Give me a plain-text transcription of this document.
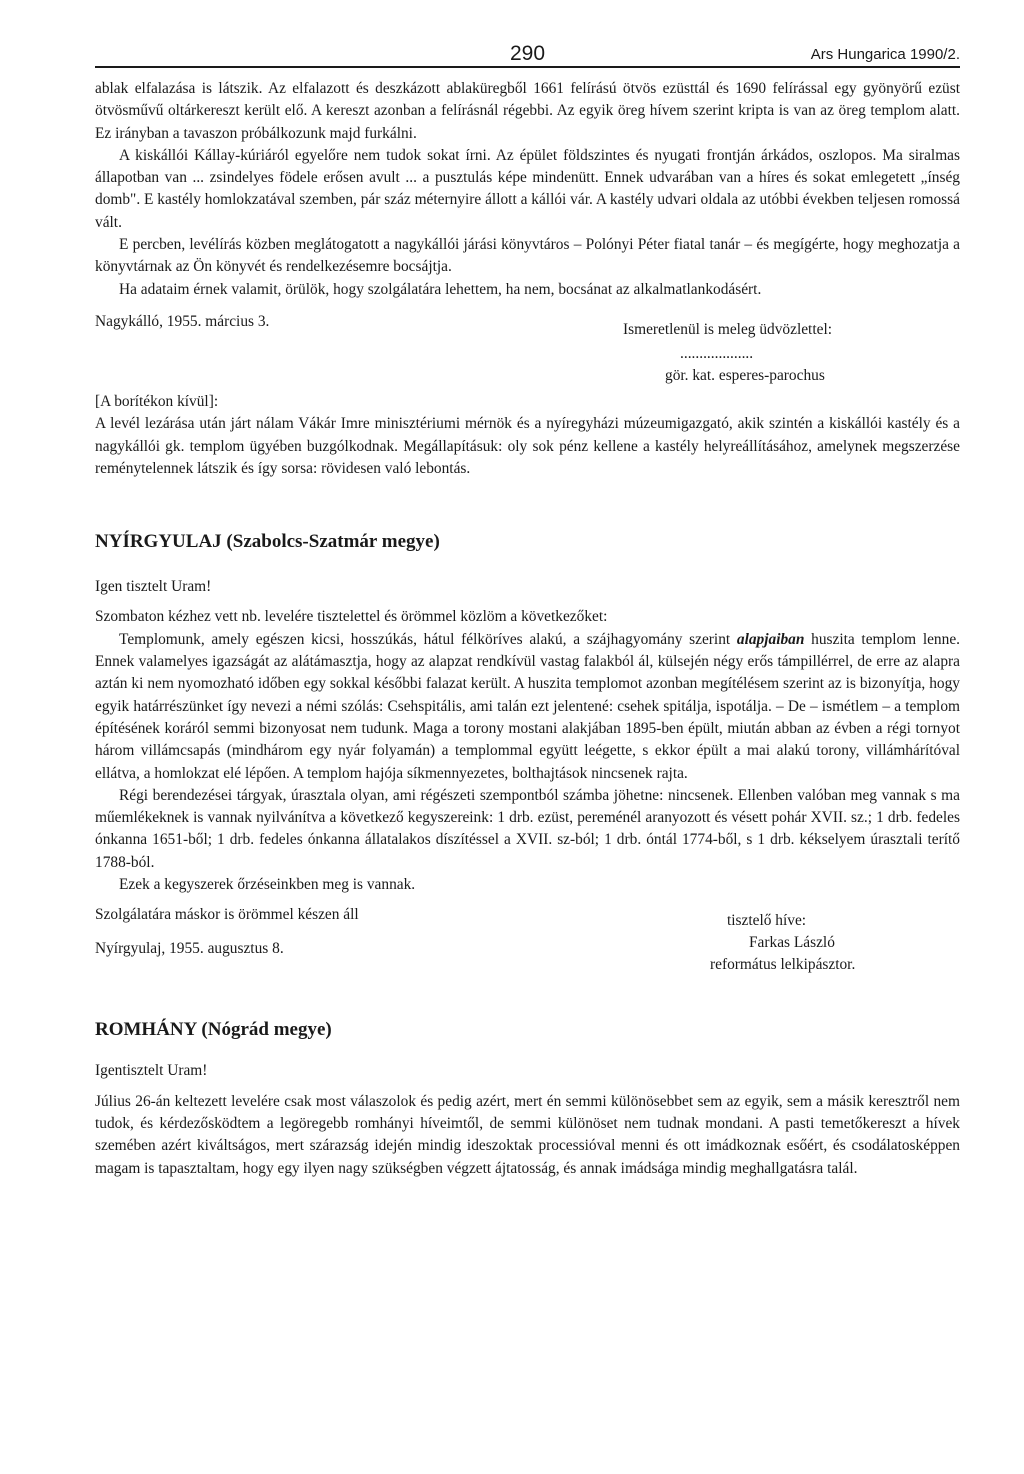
290	Ars Hungarica 1990/2.

ablak elfalazása is látszik. Az elfalazott és deszkázott ablaküregből 1661 felírású ötvös ezüsttál és 1690 felírással egy gyönyörű ezüst ötvösművű oltárkereszt került elő. A kereszt azonban a felírásnál régebbi. Az egyik öreg hívem szerint kripta is van az öreg templom alatt. Ez irányban a tavaszon próbálkozunk majd furkálni.

A kiskállói Kállay-kúriáról egyelőre nem tudok sokat írni. Az épület földszintes és nyugati frontján árkádos, oszlopos. Ma siralmas állapotban van ... zsindelyes födele erősen avult ... a pusztulás képe mindenütt. Ennek udvarában van a híres és sokat emlegetett „ínség domb". E kastély homlokzatával szemben, pár száz méternyire állott a kállói vár. A kastély udvari oldala az utóbbi években teljesen romossá vált.

E percben, levélírás közben meglátogatott a nagykállói járási könyvtáros – Polónyi Péter fiatal tanár – és megígérte, hogy meghozatja a könyvtárnak az Ön könyvét és rendelkezésemre bocsájtja.

Ha adataim érnek valamit, örülök, hogy szolgálatára lehettem, ha nem, bocsánat az alkalmatlankodásért.

Nagykálló, 1955. március 3.	Ismeretlenül is meleg üdvözlettel:
...................
gör. kat. esperes-parochus

[A borítékon kívül]:

A levél lezárása után járt nálam Vákár Imre minisztériumi mérnök és a nyíregyházi múzeumigazgató, akik szintén a kiskállói kastély és a nagykállói gk. templom ügyében buzgólkodnak. Megállapításuk: oly sok pénz kellene a kastély helyreállításához, amelynek megszerzése reménytelennek látszik és így sorsa: rövidesen való lebontás.

NYÍRGYULAJ (Szabolcs-Szatmár megye)

Igen tisztelt Uram!

Szombaton kézhez vett nb. levelére tisztelettel és örömmel közlöm a következőket:

Templomunk, amely egészen kicsi, hosszúkás, hátul félköríves alakú, a szájhagyomány szerint alapjaiban huszita templom lenne. Ennek valamelyes igazságát az alátámasztja, hogy az alapzat rendkívül vastag falakból ál, külsején négy erős támpillérrel, de erre az alapra aztán ki nem nyomozható időben egy sokkal későbbi falazat került. A huszita templomot azonban megítélésem szerint az is bizonyítja, hogy egyik határrészünket így nevezi a némi szólás: Csehspitális, ami talán ezt jelentené: csehek spitálja, ispotálja. – De – ismétlem – a templom építésének koráról semmi bizonyosat nem tudunk. Maga a torony mostani alakjában 1895-ben épült, miután abban az évben a régi tornyot három villámcsapás (mindhárom egy nyár folyamán) a templommal együtt leégette, s ekkor épült a mai alakú torony, villámhárítóval ellátva, a homlokzat elé lépően. A templom hajója síkmennyezetes, bolthajtások nincsenek rajta.

Régi berendezései tárgyak, úrasztala olyan, ami régészeti szempontból számba jöhetne: nincsenek. Ellenben valóban meg vannak s ma műemlékeknek is vannak nyilvánítva a következő kegyszereink: 1 drb. ezüst, pereménél aranyozott és vésett pohár XVII. sz.; 1 drb. fedeles ónkanna 1651-ből; 1 drb. fedeles ónkanna állatalakos díszítéssel a XVII. sz-ból; 1 drb. óntál 1774-ből, s 1 drb. kékselyem úrasztali terítő 1788-ból.

Ezek a kegyszerek őrzéseinkben meg is vannak.

Szolgálatára máskor is örömmel készen áll	tisztelő híve:
Nyírgyulaj, 1955. augusztus 8.	Farkas László
református lelkipásztor.
ROMHÁNY (Nógrád megye)

Igentisztelt Uram!

Július 26-án keltezett levelére csak most válaszolok és pedig azért, mert én semmi különösebbet sem az egyik, sem a másik keresztről nem tudok, és kérdezősködtem a legöregebb romhányi híveimtől, de semmi különöset nem tudnak mondani. A pasti temetőkereszt a hívek szemében azért kiváltságos, mert szárazság idején mindig ideszoktak processióval menni és ott imádkoznak esőért, és csodálatosképpen magam is tapasztaltam, hogy egy ilyen nagy szükségben végzett ájtatosság, és annak imádsága mindig meghallgatásra talál.
